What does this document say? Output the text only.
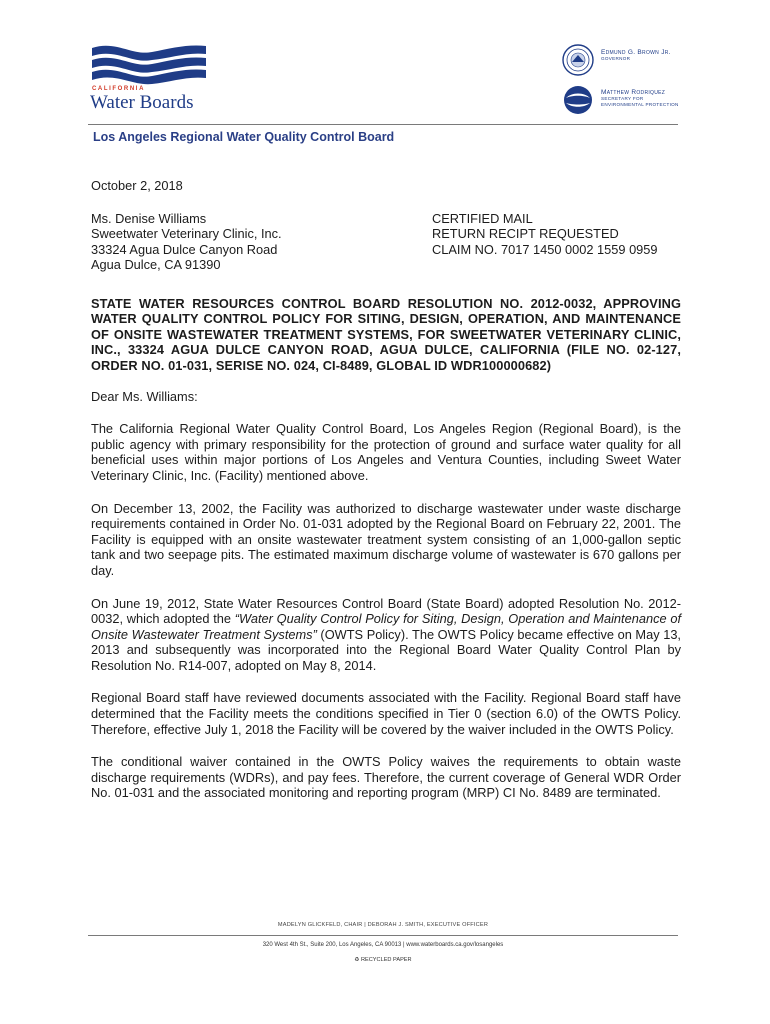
CALIFORNIA
Water Boards
Edmund G. Brown Jr.
GOVERNOR
Matthew Rodriquez
SECRETARY FOR
ENVIRONMENTAL PROTECTION
Los Angeles Regional Water Quality Control Board
October 2, 2018
Ms. Denise Williams
Sweetwater Veterinary Clinic, Inc.
33324 Agua Dulce Canyon Road
Agua Dulce, CA 91390
CERTIFIED MAIL
RETURN RECIPT REQUESTED
CLAIM NO. 7017 1450 0002 1559 0959
STATE WATER RESOURCES CONTROL BOARD RESOLUTION NO. 2012-0032, APPROVING WATER QUALITY CONTROL POLICY FOR SITING, DESIGN, OPERATION, AND MAINTENANCE OF ONSITE WASTEWATER TREATMENT SYSTEMS, FOR SWEETWATER VETERINARY CLINIC, INC., 33324 AGUA DULCE CANYON ROAD, AGUA DULCE, CALIFORNIA (FILE NO. 02-127, ORDER NO. 01-031, SERISE NO. 024, CI-8489, GLOBAL ID WDR100000682)
Dear Ms. Williams:
The California Regional Water Quality Control Board, Los Angeles Region (Regional Board), is the public agency with primary responsibility for the protection of ground and surface water quality for all beneficial uses within major portions of Los Angeles and Ventura Counties, including Sweet Water Veterinary Clinic, Inc. (Facility) mentioned above.
On December 13, 2002, the Facility was authorized to discharge wastewater under waste discharge requirements contained in Order No. 01-031 adopted by the Regional Board on February 22, 2001. The Facility is equipped with an onsite wastewater treatment system consisting of an 1,000-gallon septic tank and two seepage pits. The estimated maximum discharge volume of wastewater is 670 gallons per day.
On June 19, 2012, State Water Resources Control Board (State Board) adopted Resolution No. 2012-0032, which adopted the “Water Quality Control Policy for Siting, Design, Operation and Maintenance of Onsite Wastewater Treatment Systems” (OWTS Policy). The OWTS Policy became effective on May 13, 2013 and subsequently was incorporated into the Regional Board Water Quality Control Plan by Resolution No. R14-007, adopted on May 8, 2014.
Regional Board staff have reviewed documents associated with the Facility. Regional Board staff have determined that the Facility meets the conditions specified in Tier 0 (section 6.0) of the OWTS Policy. Therefore, effective July 1, 2018 the Facility will be covered by the waiver included in the OWTS Policy.
The conditional waiver contained in the OWTS Policy waives the requirements to obtain waste discharge requirements (WDRs), and pay fees. Therefore, the current coverage of General WDR Order No. 01-031 and the associated monitoring and reporting program (MRP) CI No. 8489 are terminated.
MADELYN GLICKFELD, CHAIR | DEBORAH J. SMITH, EXECUTIVE OFFICER
320 West 4th St., Suite 200, Los Angeles, CA 90013 | www.waterboards.ca.gov/losangeles
♻ RECYCLED PAPER
